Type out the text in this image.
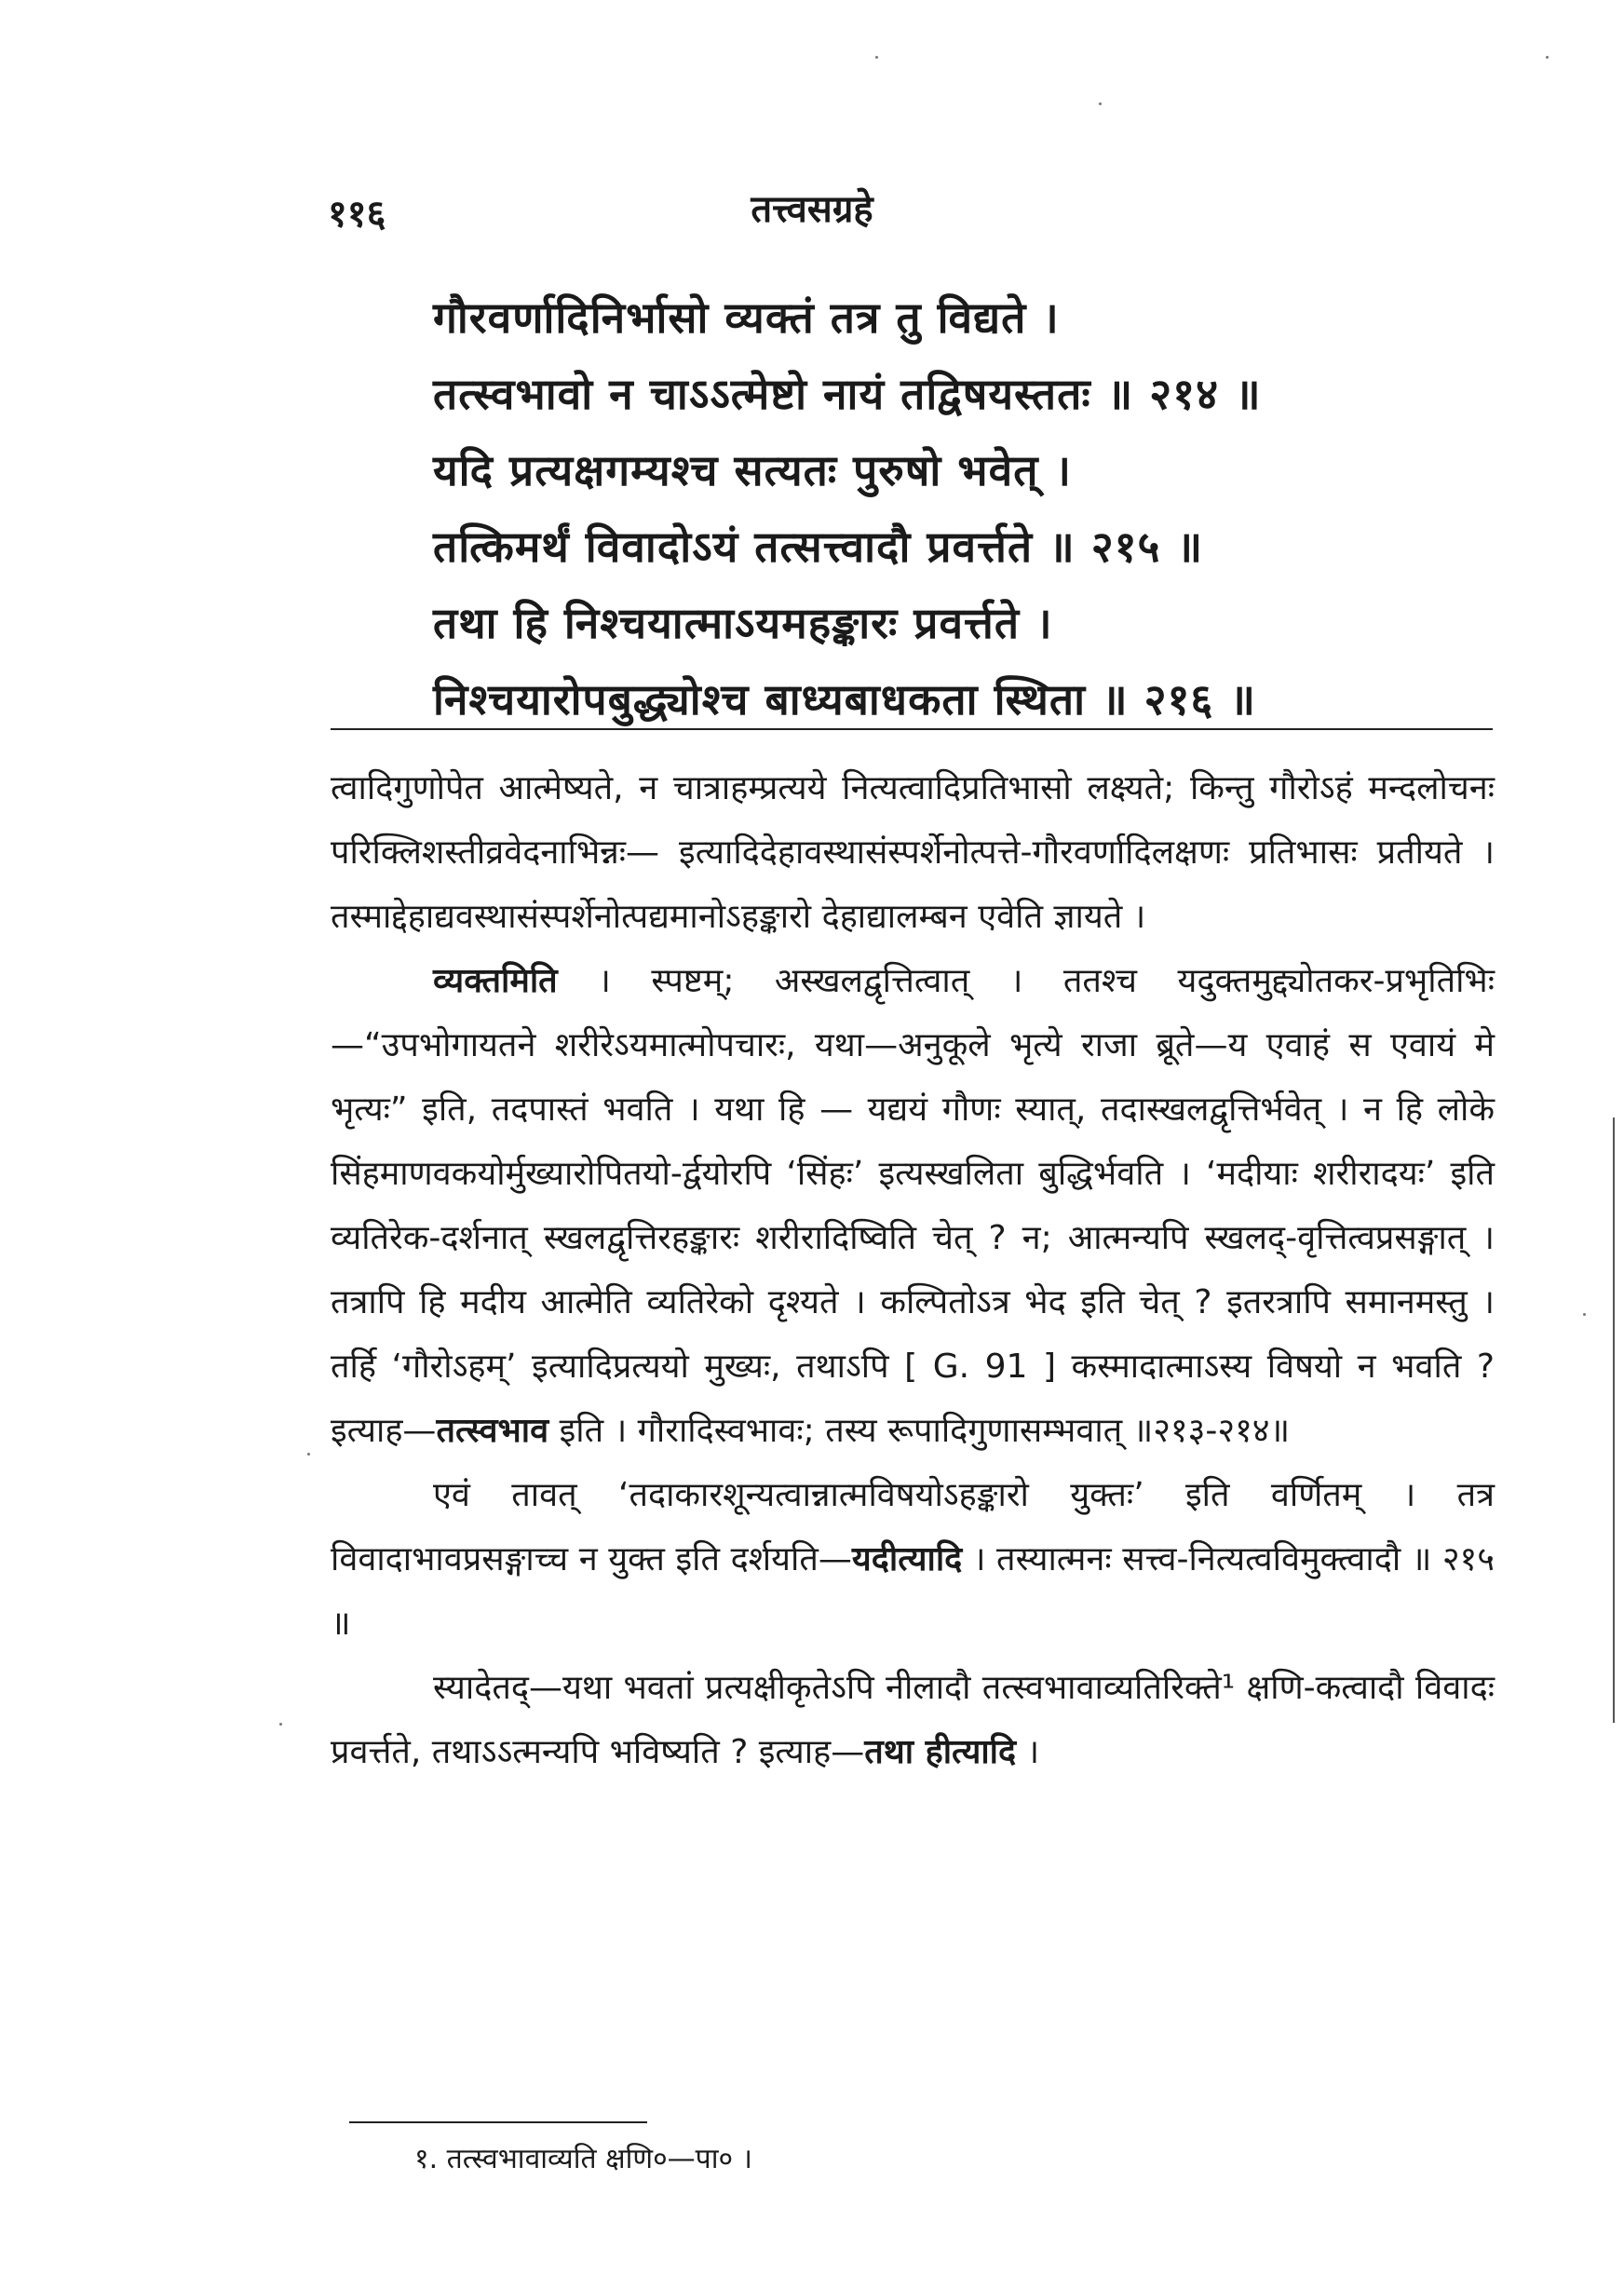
११६	तत्त्वसग्रहे
गौरवर्णादिनिर्भासो व्यक्तं तत्र तु विद्यते ।
तत्स्वभावो न चाऽऽत्मेष्टो नायं तद्विषयस्ततः ॥ २१४ ॥
यदि प्रत्यक्षगम्यश्च सत्यतः पुरुषो भवेत् ।
तत्किमर्थं विवादोऽयं तत्सत्त्वादौ प्रवर्त्तते ॥ २१५ ॥
तथा हि निश्चयात्माऽयमहङ्कारः प्रवर्त्तते ।
निश्चयारोपबुद्ध्योश्च बाध्यबाधकता स्थिता ॥ २१६ ॥

त्वादिगुणोपेत आत्मेष्यते, न चात्राहम्प्रत्यये नित्यत्वादिप्रतिभासो लक्ष्यते; किन्तु गौरोऽहं मन्दलोचनः परिक्लिशस्तीव्रवेदनाभिन्नः— इत्यादिदेहावस्थासंस्पर्शेनोत्पत्ते-गौरवर्णादिलक्षणः प्रतिभासः प्रतीयते । तस्माद्देहाद्यवस्थासंस्पर्शेनोत्पद्यमानोऽहङ्कारो देहाद्यालम्बन एवेति ज्ञायते ।

व्यक्तमिति । स्पष्टम्; अस्खलद्वृत्तित्वात् । ततश्च यदुक्तमुद्द्योतकर-प्रभृतिभिः—“उपभोगायतने शरीरेऽयमात्मोपचारः, यथा—अनुकूले भृत्ये राजा ब्रूते—य एवाहं स एवायं मे भृत्यः” इति, तदपास्तं भवति । यथा हि — यद्ययं गौणः स्यात्, तदास्खलद्वृत्तिर्भवेत् । न हि लोके सिंहमाणवकयोर्मुख्यारोपितयो-र्द्वयोरपि ‘सिंहः’ इत्यस्खलिता बुद्धिर्भवति । ‘मदीयाः शरीरादयः’ इति व्यतिरेक-दर्शनात् स्खलद्वृत्तिरहङ्कारः शरीरादिष्विति चेत् ? न; आत्मन्यपि स्खलद्-वृत्तित्वप्रसङ्गात् । तत्रापि हि मदीय आत्मेति व्यतिरेको दृश्यते । कल्पितोऽत्र भेद इति चेत् ? इतरत्रापि समानमस्तु । तर्हि ‘गौरोऽहम्’ इत्यादिप्रत्ययो मुख्यः, तथाऽपि [ G. 91 ] कस्मादात्माऽस्य विषयो न भवति ? इत्याह—तत्स्वभाव इति । गौरादिस्वभावः; तस्य रूपादिगुणासम्भवात् ॥२१३-२१४॥

एवं तावत् ‘तदाकारशून्यत्वान्नात्मविषयोऽहङ्कारो युक्तः’ इति वर्णितम् । तत्र विवादाभावप्रसङ्गाच्च न युक्त इति दर्शयति—यदीत्यादि । तस्यात्मनः सत्त्व-नित्यत्वविमुक्त्वादौ ॥ २१५ ॥

स्यादेतद्—यथा भवतां प्रत्यक्षीकृतेऽपि नीलादौ तत्स्वभावाव्यतिरिक्ते¹ क्षणि-कत्वादौ विवादः प्रवर्त्तते, तथाऽऽत्मन्यपि भविष्यति ? इत्याह—तथा हीत्यादि ।

१. तत्स्वभावाव्यति क्षणि०—पा० ।
